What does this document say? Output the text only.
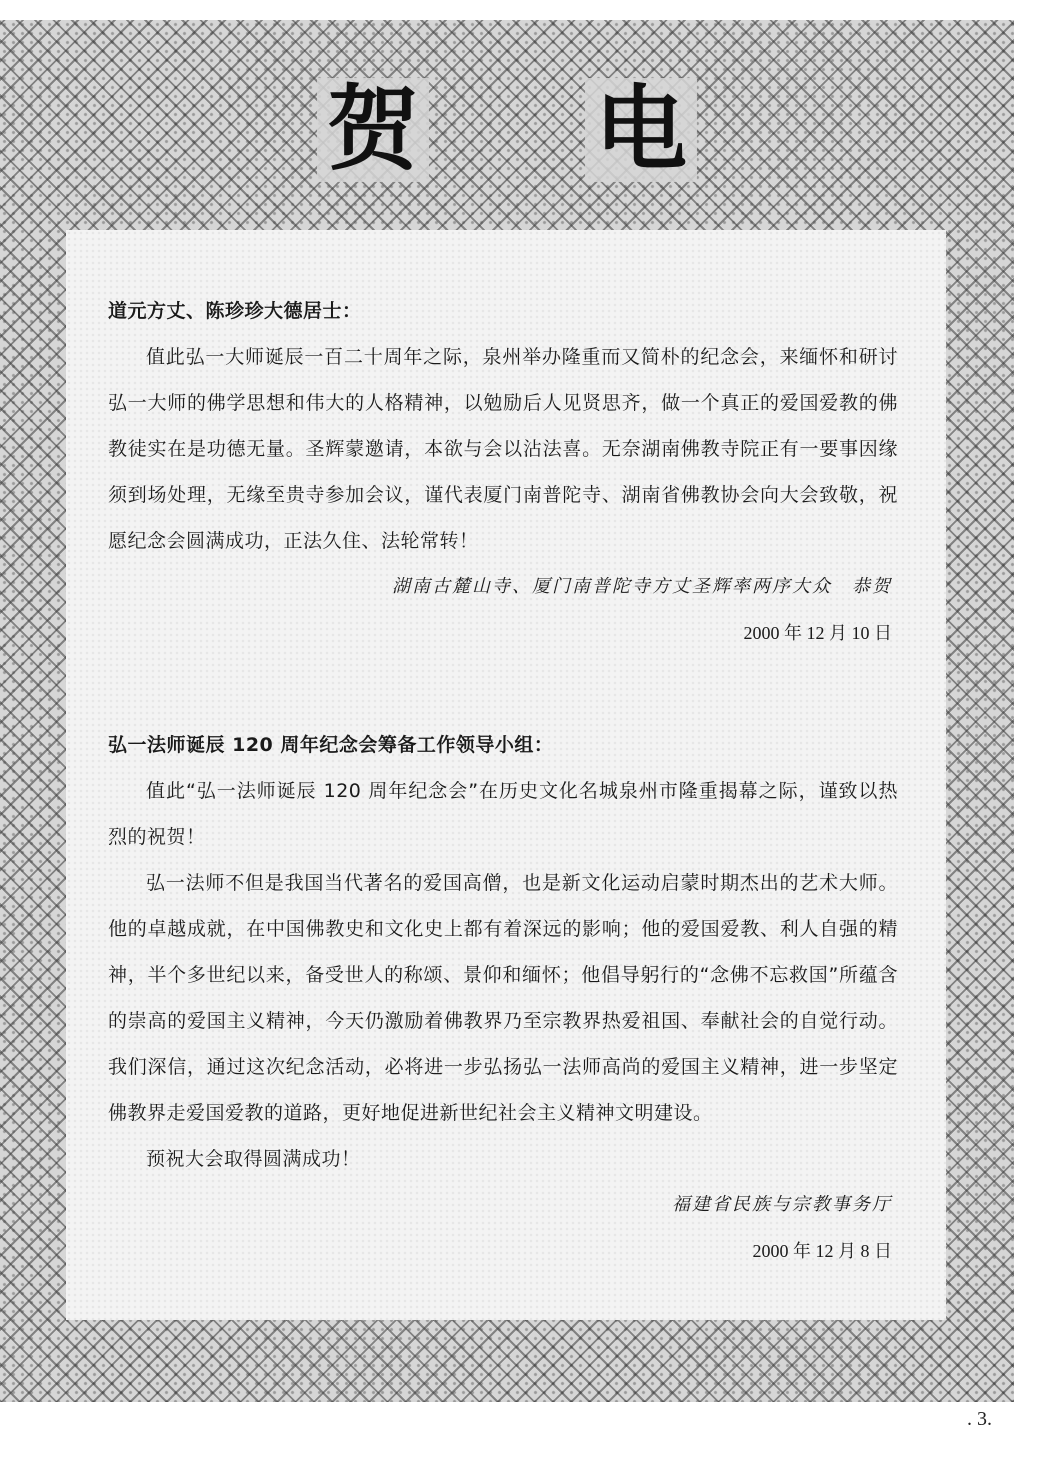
贺 电

道元方丈、陈珍珍大德居士：

值此弘一大师诞辰一百二十周年之际，泉州举办隆重而又简朴的纪念会，来缅怀和研讨弘一大师的佛学思想和伟大的人格精神，以勉励后人见贤思齐，做一个真正的爱国爱教的佛教徒实在是功德无量。圣辉蒙邀请，本欲与会以沾法喜。无奈湖南佛教寺院正有一要事因缘须到场处理，无缘至贵寺参加会议，谨代表厦门南普陀寺、湖南省佛教协会向大会致敬，祝愿纪念会圆满成功，正法久住、法轮常转！

湖南古麓山寺、厦门南普陀寺方丈圣辉率两序大众　恭贺

2000 年 12 月 10 日

弘一法师诞辰 120 周年纪念会筹备工作领导小组：

值此“弘一法师诞辰 120 周年纪念会”在历史文化名城泉州市隆重揭幕之际，谨致以热烈的祝贺！

弘一法师不但是我国当代著名的爱国高僧，也是新文化运动启蒙时期杰出的艺术大师。他的卓越成就，在中国佛教史和文化史上都有着深远的影响；他的爱国爱教、利人自强的精神，半个多世纪以来，备受世人的称颂、景仰和缅怀；他倡导躬行的“念佛不忘救国”所蕴含的崇高的爱国主义精神，今天仍激励着佛教界乃至宗教界热爱祖国、奉献社会的自觉行动。我们深信，通过这次纪念活动，必将进一步弘扬弘一法师高尚的爱国主义精神，进一步坚定佛教界走爱国爱教的道路，更好地促进新世纪社会主义精神文明建设。

预祝大会取得圆满成功！

福建省民族与宗教事务厅

2000 年 12 月 8 日

. 3.
